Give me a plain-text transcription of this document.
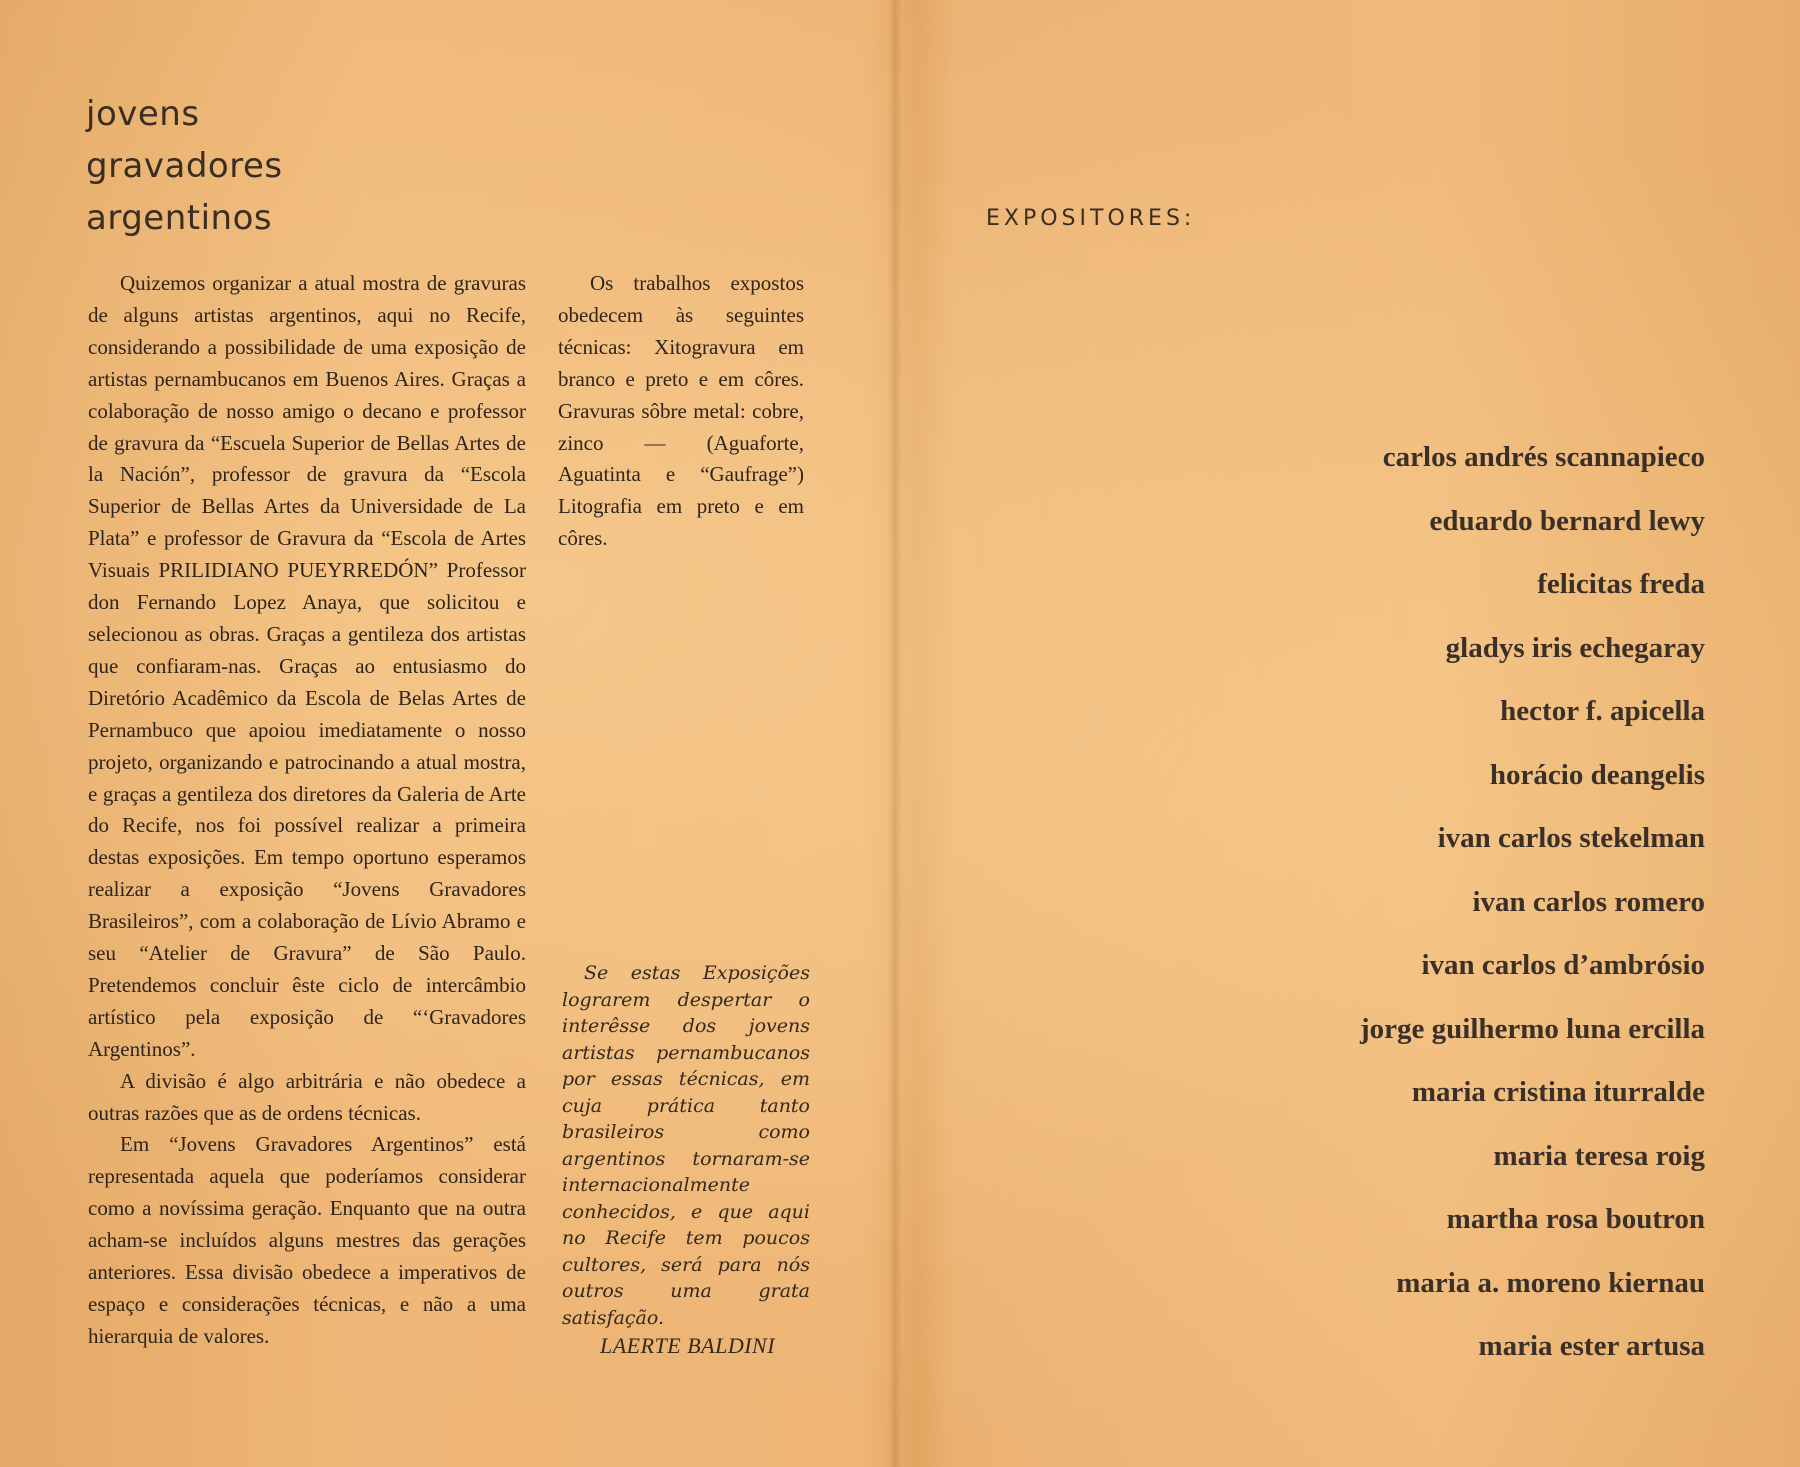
jovens
gravadores
argentinos

Quizemos organizar a atual mostra de gravuras de alguns artistas argentinos, aqui no Recife, considerando a possibilidade de uma exposição de artistas pernambucanos em Buenos Aires. Graças a colaboração de nosso amigo o decano e professor de gravura da “Escuela Superior de Bellas Artes de la Nación”, professor de gravura da “Escola Superior de Bellas Artes da Universidade de La Plata” e professor de Gravura da “Escola de Artes Visuais PRILIDIANO PUEYRREDÓN” Professor don Fernando Lopez Anaya, que solicitou e selecionou as obras. Graças a gentileza dos artistas que confiaram-nas. Graças ao entusiasmo do Diretório Acadêmico da Escola de Belas Artes de Pernambuco que apoiou imediatamente o nosso projeto, organizando e patrocinando a atual mostra, e graças a gentileza dos diretores da Galeria de Arte do Recife, nos foi possível realizar a primeira destas exposições. Em tempo oportuno esperamos realizar a exposição “Jovens Gravadores Brasileiros”, com a colaboração de Lívio Abramo e seu “Atelier de Gravura” de São Paulo. Pretendemos concluir êste ciclo de intercâmbio artístico pela exposição de “‘Gravadores Argentinos”.

A divisão é algo arbitrária e não obedece a outras razões que as de ordens técnicas.

Em “Jovens Gravadores Argentinos” está representada aquela que poderíamos considerar como a novíssima geração. Enquanto que na outra acham-se incluídos alguns mestres das gerações anteriores. Essa divisão obedece a imperativos de espaço e considerações técnicas, e não a uma hierarquia de valores.

Os trabalhos expostos obedecem às seguintes técnicas: Xitogravura em branco e preto e em côres. Gravuras sôbre metal: cobre, zinco — (Aguaforte, Aguatinta e “Gaufrage”) Litografia em preto e em côres.

Se estas Exposições lograrem despertar o interêsse dos jovens artistas pernambucanos por essas técnicas, em cuja prática tanto brasileiros como argentinos tornaram-se internacionalmente conhecidos, e que aqui no Recife tem poucos cultores, será para nós outros uma grata satisfação.
LAERTE BALDINI
EXPOSITORES:
carlos andrés scannapieco
eduardo bernard lewy
felicitas freda
gladys iris echegaray
hector f. apicella
horácio deangelis
ivan carlos stekelman
ivan carlos romero
ivan carlos d’ambrósio
jorge guilhermo luna ercilla
maria cristina iturralde
maria teresa roig
martha rosa boutron
maria a. moreno kiernau
maria ester artusa
